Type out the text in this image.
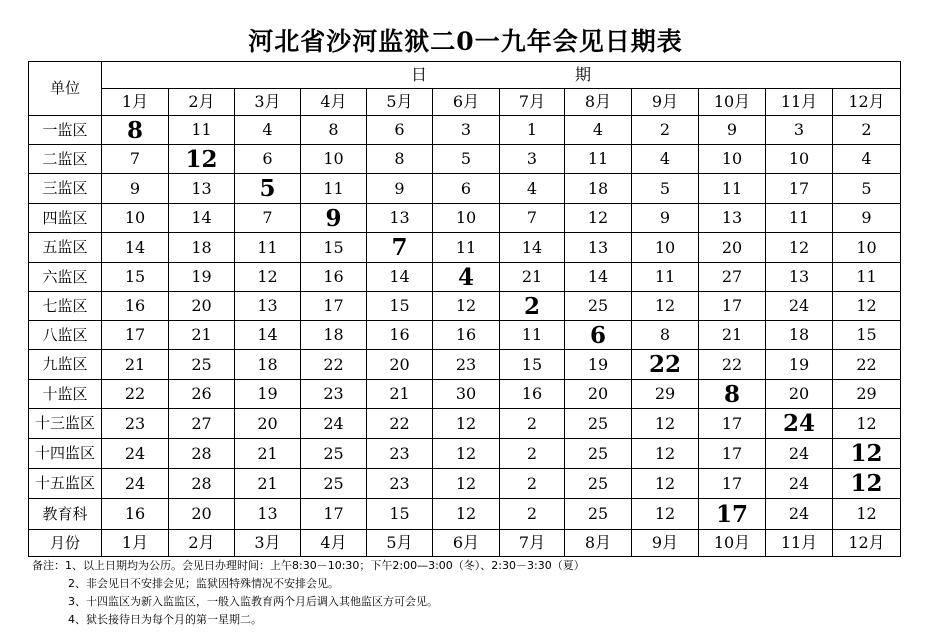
河北省沙河监狱二0一九年会见日期表
单位	日 期											
	1月	2月	3月	4月	5月	6月	7月	8月	9月	10月	11月	12月
一监区	8	11	4	8	6	3	1	4	2	9	3	2
二监区	7	12	6	10	8	5	3	11	4	10	10	4
三监区	9	13	5	11	9	6	4	18	5	11	17	5
四监区	10	14	7	9	13	10	7	12	9	13	11	9
五监区	14	18	11	15	7	11	14	13	10	20	12	10
六监区	15	19	12	16	14	4	21	14	11	27	13	11
七监区	16	20	13	17	15	12	2	25	12	17	24	12
八监区	17	21	14	18	16	16	11	6	8	21	18	15
九监区	21	25	18	22	20	23	15	19	22	22	19	22
十监区	22	26	19	23	21	30	16	20	29	8	20	29
十三监区	23	27	20	24	22	12	2	25	12	17	24	12
十四监区	24	28	21	25	23	12	2	25	12	17	24	12
十五监区	24	28	21	25	23	12	2	25	12	17	24	12
教育科	16	20	13	17	15	12	2	25	12	17	24	12
月份	1月	2月	3月	4月	5月	6月	7月	8月	9月	10月	11月	12月
备注：1、以上日期均为公历。会见日办理时间：上午8:30－10:30；下午2:00—3:00（冬）、2:30－3:30（夏）
2、非会见日不安排会见；监狱因特殊情况不安排会见。
3、十四监区为新入监监区，一般入监教育两个月后调入其他监区方可会见。
4、狱长接待日为每个月的第一星期二。
